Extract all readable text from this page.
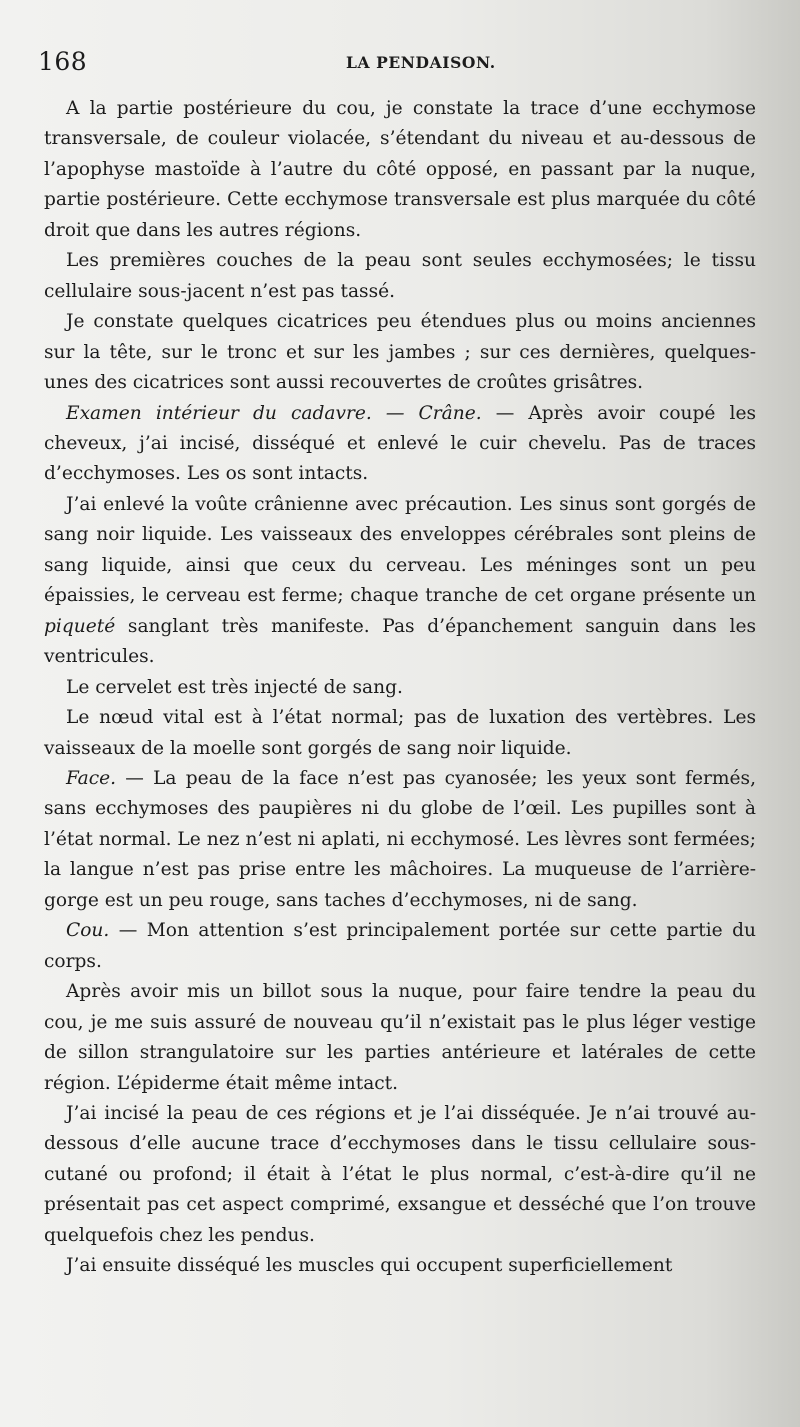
168	LA PENDAISON.

A la partie postérieure du cou, je constate la trace d’une ecchymose transversale, de couleur violacée, s’étendant du niveau et au-dessous de l’apophyse mastoïde à l’autre du côté opposé, en passant par la nuque, partie postérieure. Cette ecchymose transversale est plus marquée du côté droit que dans les autres régions.

Les premières couches de la peau sont seules ecchymosées; le tissu cellulaire sous-jacent n’est pas tassé.

Je constate quelques cicatrices peu étendues plus ou moins anciennes sur la tête, sur le tronc et sur les jambes ; sur ces dernières, quelques-unes des cicatrices sont aussi recouvertes de croûtes grisâtres.

Examen intérieur du cadavre. — Crâne. — Après avoir coupé les cheveux, j’ai incisé, disséqué et enlevé le cuir chevelu. Pas de traces d’ecchymoses. Les os sont intacts.

J’ai enlevé la voûte crânienne avec précaution. Les sinus sont gorgés de sang noir liquide. Les vaisseaux des enveloppes cérébrales sont pleins de sang liquide, ainsi que ceux du cerveau. Les méninges sont un peu épaissies, le cerveau est ferme; chaque tranche de cet organe présente un piqueté sanglant très manifeste. Pas d’épanchement sanguin dans les ventricules.

Le cervelet est très injecté de sang.

Le nœud vital est à l’état normal; pas de luxation des vertèbres. Les vaisseaux de la moelle sont gorgés de sang noir liquide.

Face. — La peau de la face n’est pas cyanosée; les yeux sont fermés, sans ecchymoses des paupières ni du globe de l’œil. Les pupilles sont à l’état normal. Le nez n’est ni aplati, ni ecchymosé. Les lèvres sont fermées; la langue n’est pas prise entre les mâchoires. La muqueuse de l’arrière-gorge est un peu rouge, sans taches d’ecchymoses, ni de sang.

Cou. — Mon attention s’est principalement portée sur cette partie du corps.

Après avoir mis un billot sous la nuque, pour faire tendre la peau du cou, je me suis assuré de nouveau qu’il n’existait pas le plus léger vestige de sillon strangulatoire sur les parties antérieure et latérales de cette région. L’épiderme était même intact.

J’ai incisé la peau de ces régions et je l’ai disséquée. Je n’ai trouvé au-dessous d’elle aucune trace d’ecchymoses dans le tissu cellulaire sous-cutané ou profond; il était à l’état le plus normal, c’est-à-dire qu’il ne présentait pas cet aspect comprimé, exsangue et desséché que l’on trouve quelquefois chez les pendus.

J’ai ensuite disséqué les muscles qui occupent superficiellement
